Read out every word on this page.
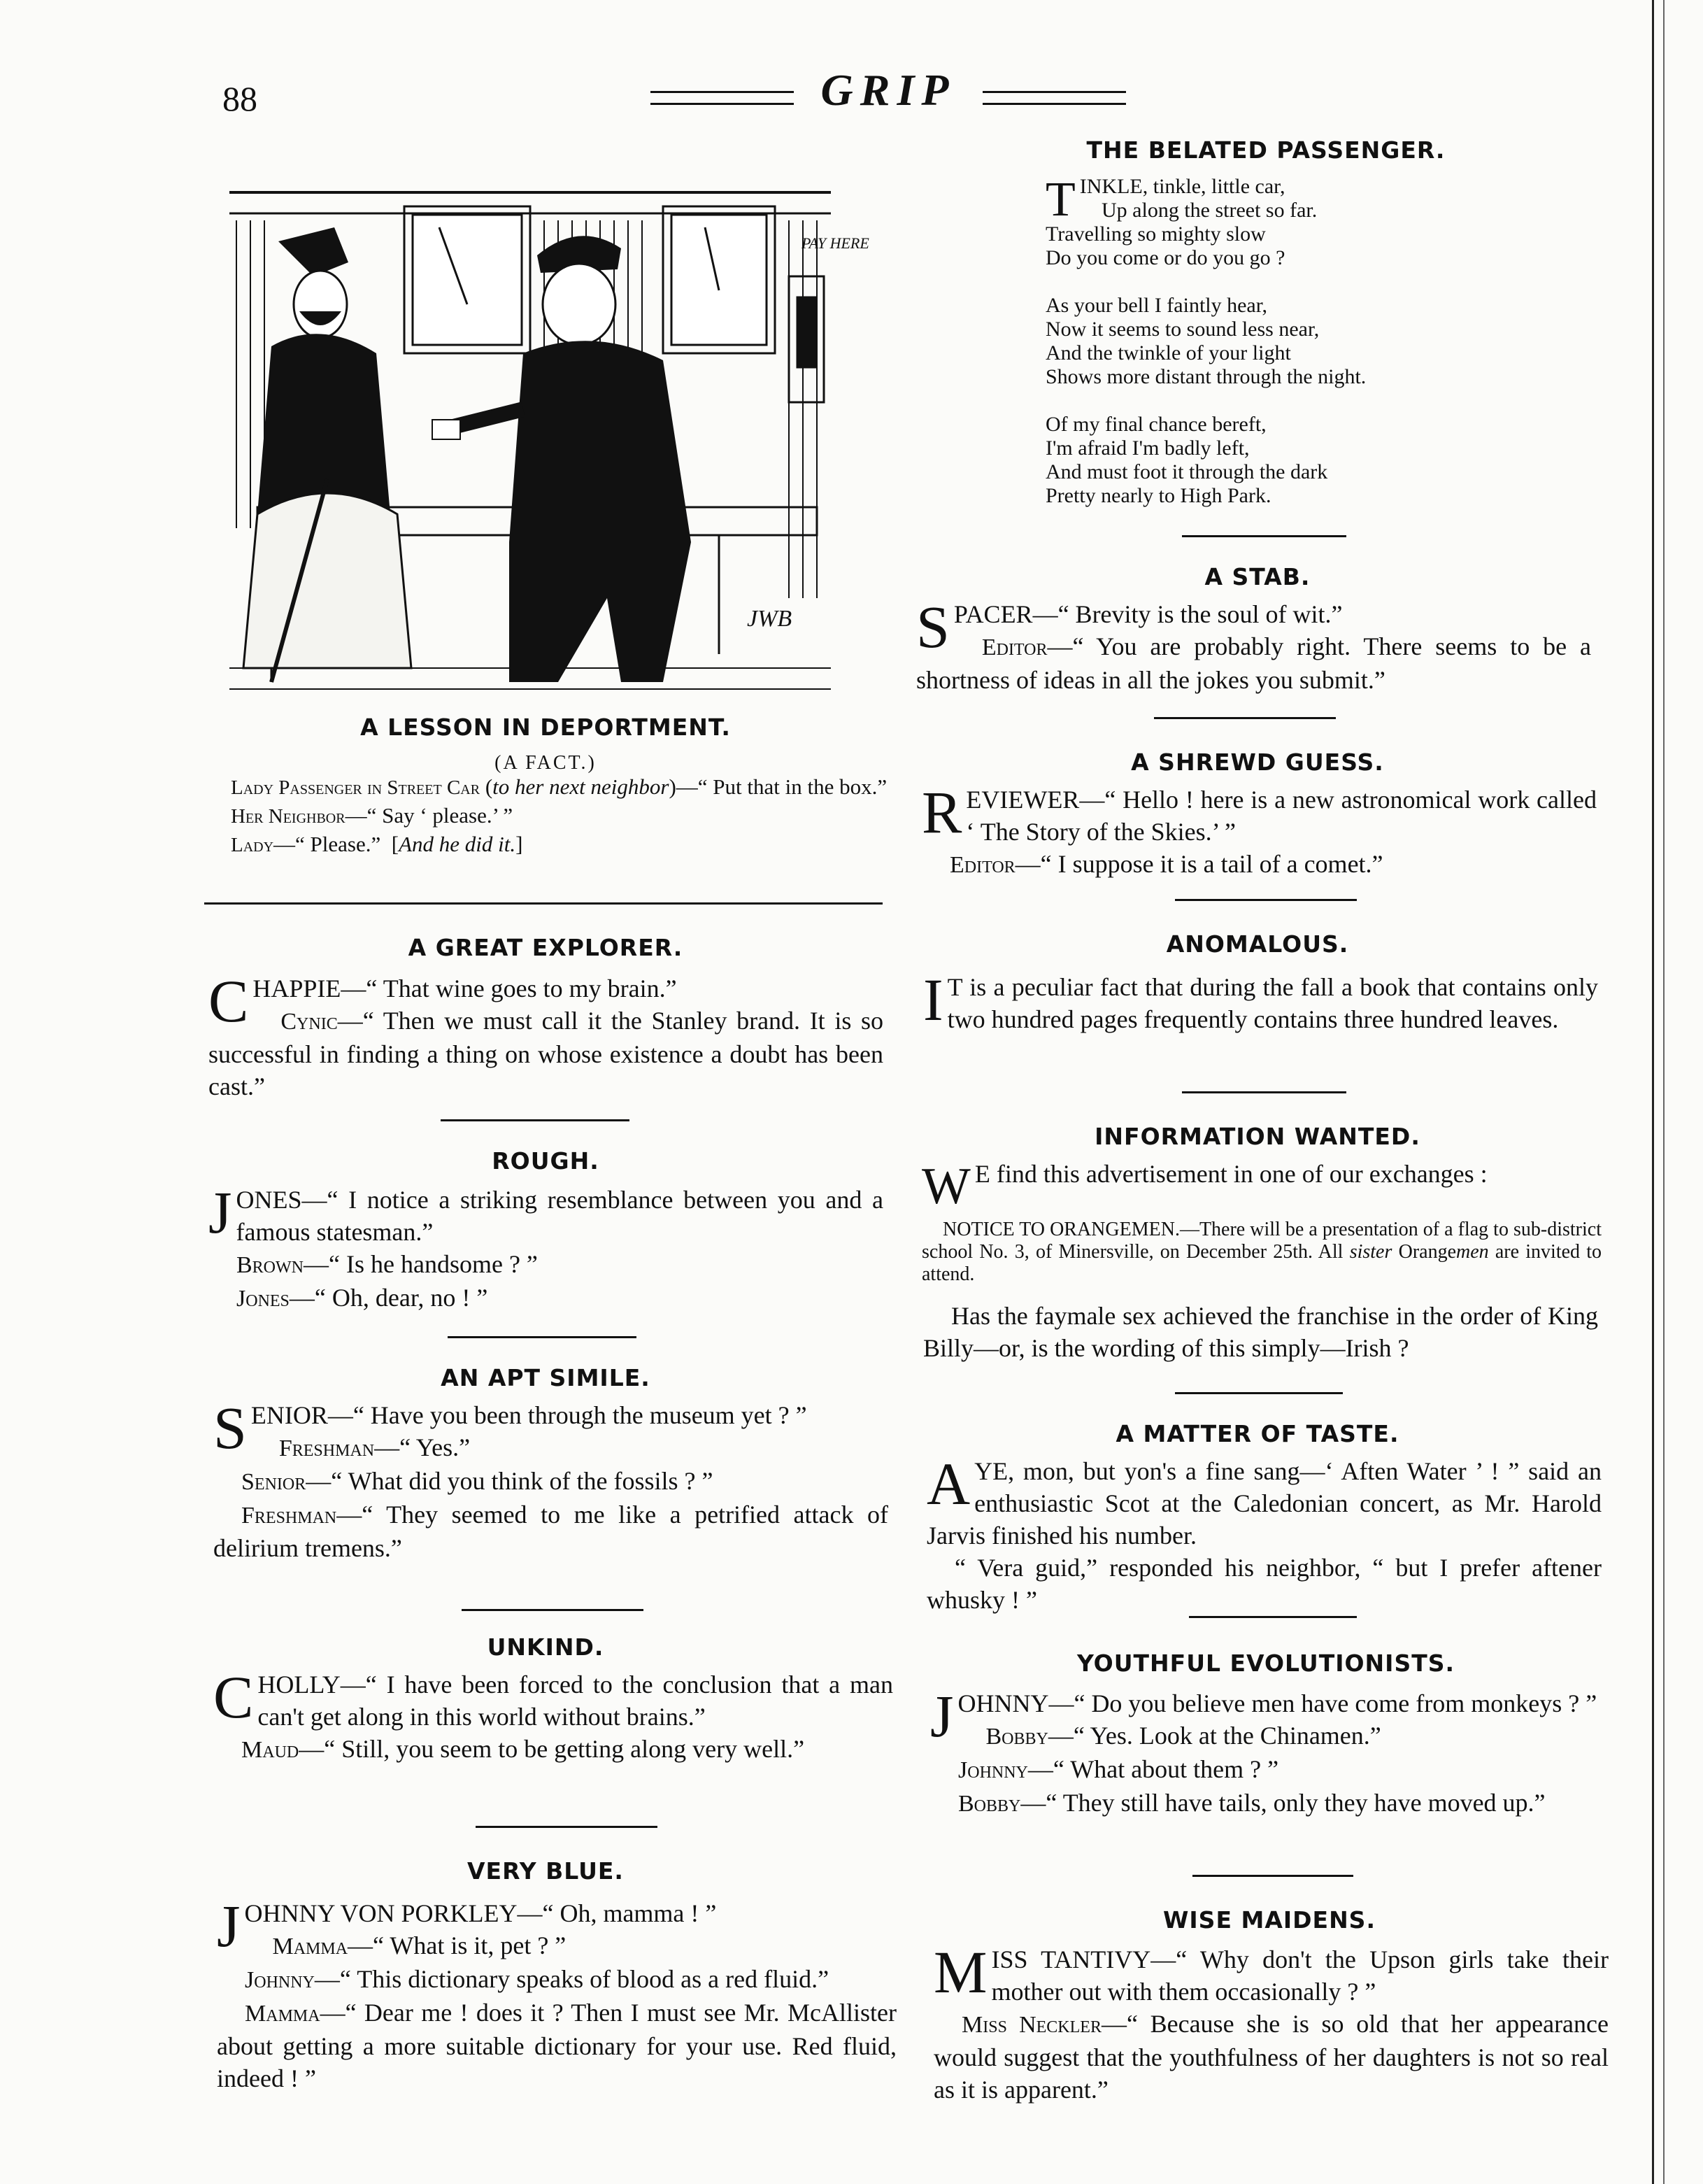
88	GRIP
PAY HERE
JWB
A LESSON IN DEPORTMENT.
(A FACT.)

Lady Passenger in Street Car (to her next neighbor)—“ Put that in the box.”

Her Neighbor—“ Say ‘ please.’ ”

Lady—“ Please.”  [And he did it.]

A GREAT EXPLORER.
C HAPPIE—“ That wine goes to my brain.”

Cynic—“ Then we must call it the Stanley brand. It is so successful in finding a thing on whose existence a doubt has been cast.”

ROUGH.
J ONES—“ I notice a striking resemblance between you and a famous statesman.”

Brown—“ Is he handsome ? ”

Jones—“ Oh, dear, no ! ”

AN APT SIMILE.
S ENIOR—“ Have you been through the museum yet ? ”

Freshman—“ Yes.”

Senior—“ What did you think of the fossils ? ”

Freshman—“ They seemed to me like a petrified attack of delirium tremens.”

UNKIND.
C HOLLY—“ I have been forced to the conclusion that a man can't get along in this world without brains.”

Maud—“ Still, you seem to be getting along very well.”

VERY BLUE.
J OHNNY VON PORKLEY—“ Oh, mamma ! ”

Mamma—“ What is it, pet ? ”

Johnny—“ This dictionary speaks of blood as a red fluid.”

Mamma—“ Dear me ! does it ? Then I must see Mr. McAllister about getting a more suitable dictionary for your use. Red fluid, indeed ! ”

THE BELATED PASSENGER.
T INKLE, tinkle, little car,
Up along the street so far.
Travelling so mighty slow
Do you come or do you go ?
As your bell I faintly hear,
Now it seems to sound less near,
And the twinkle of your light
Shows more distant through the night.
Of my final chance bereft,
I'm afraid I'm badly left,
And must foot it through the dark
Pretty nearly to High Park.
A STAB.
S PACER—“ Brevity is the soul of wit.”

Editor—“ You are probably right. There seems to be a shortness of ideas in all the jokes you submit.”

A SHREWD GUESS.
R EVIEWER—“ Hello ! here is a new astronomical work called ‘ The Story of the Skies.’ ”

Editor—“ I suppose it is a tail of a comet.”

ANOMALOUS.
I T is a peculiar fact that during the fall a book that contains only two hundred pages frequently contains three hundred leaves.

INFORMATION WANTED.
W E find this advertisement in one of our exchanges :

NOTICE TO ORANGEMEN.—There will be a presentation of a flag to sub-district school No. 3, of Minersville, on December 25th. All sister Orangemen are invited to attend.

Has the faymale sex achieved the franchise in the order of King Billy—or, is the wording of this simply—Irish ?

A MATTER OF TASTE.
A YE, mon, but yon's a fine sang—‘ Aften Water ’ ! ” said an enthusiastic Scot at the Caledonian concert, as Mr. Harold Jarvis finished his number.

“ Vera guid,” responded his neighbor, “ but I prefer aftener whusky ! ”

YOUTHFUL EVOLUTIONISTS.
J OHNNY—“ Do you believe men have come from monkeys ? ”

Bobby—“ Yes. Look at the Chinamen.”

Johnny—“ What about them ? ”

Bobby—“ They still have tails, only they have moved up.”

WISE MAIDENS.
M ISS TANTIVY—“ Why don't the Upson girls take their mother out with them occasionally ? ”

Miss Neckler—“ Because she is so old that her appearance would suggest that the youthfulness of her daughters is not so real as it is apparent.”
